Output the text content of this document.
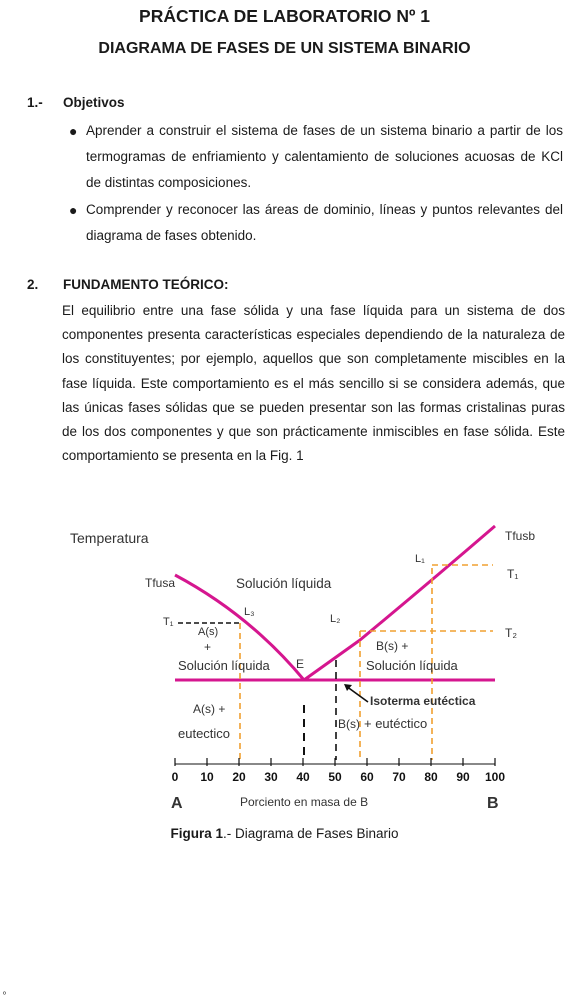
PRÁCTICA DE LABORATORIO Nº 1
DIAGRAMA DE FASES DE UN SISTEMA BINARIO
1.- Objetivos
● Aprender a construir el sistema de fases de un sistema binario a partir de los termogramas de enfriamiento y calentamiento de soluciones acuosas de KCl de distintas composiciones.
● Comprender y reconocer las áreas de dominio, líneas y puntos relevantes del diagrama de fases obtenido.
2. FUNDAMENTO TEÓRICO:
El equilibrio entre una fase sólida y una fase líquida para un sistema de dos componentes presenta características especiales dependiendo de la naturaleza de los constituyentes; por ejemplo, aquellos que son completamente miscibles en la fase líquida. Este comportamiento es el más sencillo si se considera además, que las únicas fases sólidas que se pueden presentar son las formas cristalinas puras de los dos componentes y que son prácticamente inmiscibles en fase sólida. Este comportamiento se presenta en la Fig. 1
Temperatura	Tfusb
Tfusa
T₁
T₁
T₂
L₁
L₂
L₃
E
Solución líquida
A(s)
+
Solución líquida
B(s) +
Solución líquida
Isoterma eutéctica
A(s) +
eutectico
B(s) + eutéctico
0 10 20 30 40 50 60 70 80 90 100
Porciento en masa de B
A	B
Figura 1.- Diagrama de Fases Binario
º
